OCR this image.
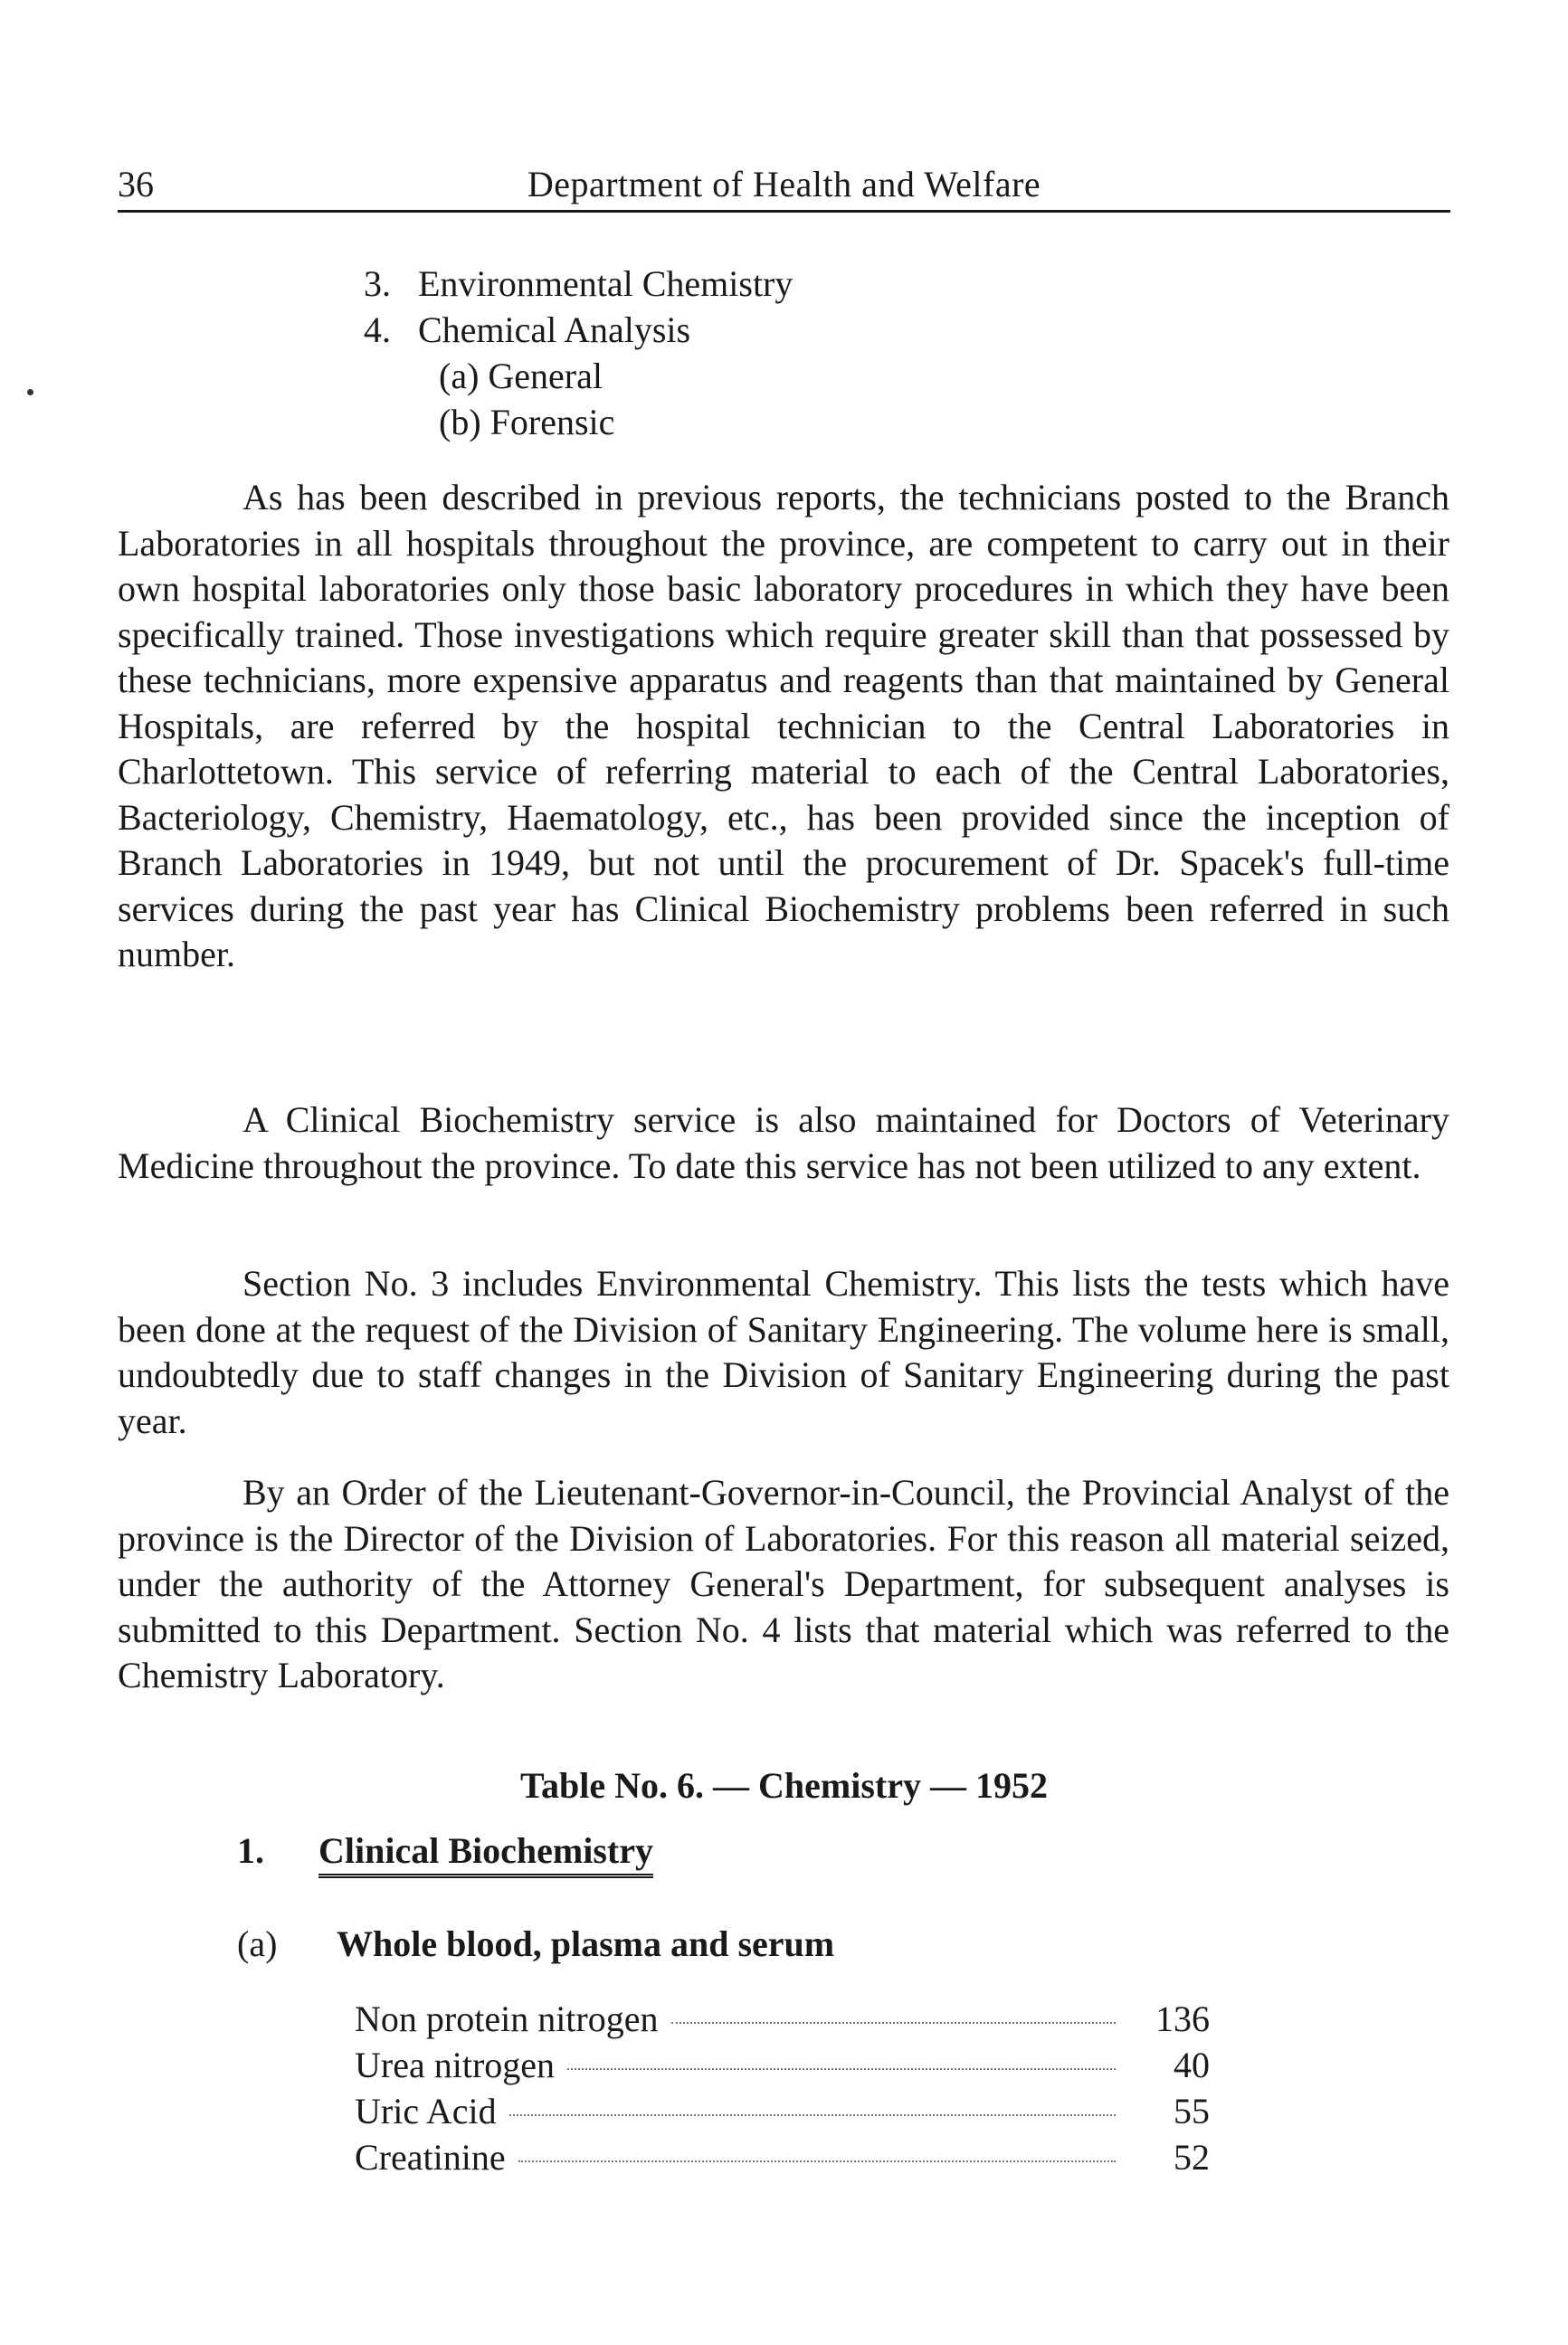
36	Department of Health and Welfare
3. Environmental Chemistry
4. Chemical Analysis
(a) General
(b) Forensic

As has been described in previous reports, the technicians posted to the Branch Laboratories in all hospitals throughout the province, are competent to carry out in their own hospital laboratories only those basic laboratory procedures in which they have been specifically trained. Those investigations which require greater skill than that possessed by these technicians, more expensive apparatus and reagents than that maintained by General Hospitals, are referred by the hospital technician to the Central Laboratories in Charlottetown. This service of referring material to each of the Central Laboratories, Bacteriology, Chemistry, Haematology, etc., has been provided since the inception of Branch Laboratories in 1949, but not until the procurement of Dr. Spacek's full-time services during the past year has Clinical Biochemistry problems been referred in such number.

A Clinical Biochemistry service is also maintained for Doctors of Veterinary Medicine throughout the province. To date this service has not been utilized to any extent.

Section No. 3 includes Environmental Chemistry. This lists the tests which have been done at the request of the Division of Sanitary Engineering. The volume here is small, undoubtedly due to staff changes in the Division of Sanitary Engineering during the past year.

By an Order of the Lieutenant-Governor-in-Council, the Provincial Analyst of the province is the Director of the Division of Laboratories. For this reason all material seized, under the authority of the Attorney General's Department, for subsequent analyses is submitted to this Department. Section No. 4 lists that material which was referred to the Chemistry Laboratory.

Table No. 6. — Chemistry — 1952
1. Clinical Biochemistry
(a) Whole blood, plasma and serum
Non protein nitrogen	136
Urea nitrogen	40
Uric Acid	55
Creatinine	52
